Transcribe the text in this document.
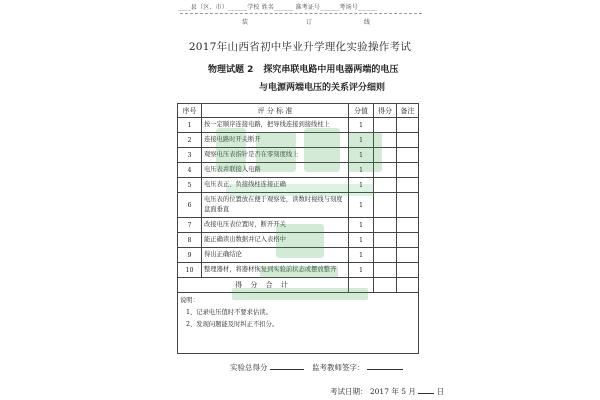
____县（区、市）______学校 姓名______ 准考证号______考场号______
装	订	线
2017年山西省初中毕业升学理化实验操作考试
物理试题 2 探究串联电路中用电器两端的电压
与电源两端电压的关系评分细则
序号	评 分 标 准	分值	得分	备注
1	按一定顺序连接电路，把导线连接到接线柱上	1		
2	连接电路时开关断开	1		
3	观察电压表指针是否在零刻度线上	1		
4	电压表并联接入电路	1		
5	电压表正、负接线柱连接正确	1		
6	电压表的位置放在便于观察处，读数时视线与刻度盘面垂直	1		
7	改接电压表位置时，断开开关	1		
8	能正确读出数据并记入表格中	1		
9	得出正确结论	1		
10	整理器材，将器材恢复到实验前状态或摆放整齐	1		
得 分 合 计				

说明：
1、记录电压值时不要求估读。
2、发现问题能及时纠正不扣分。				
实验总得分	监考教师签字：
考试日期： 2017 年 5 月	日
